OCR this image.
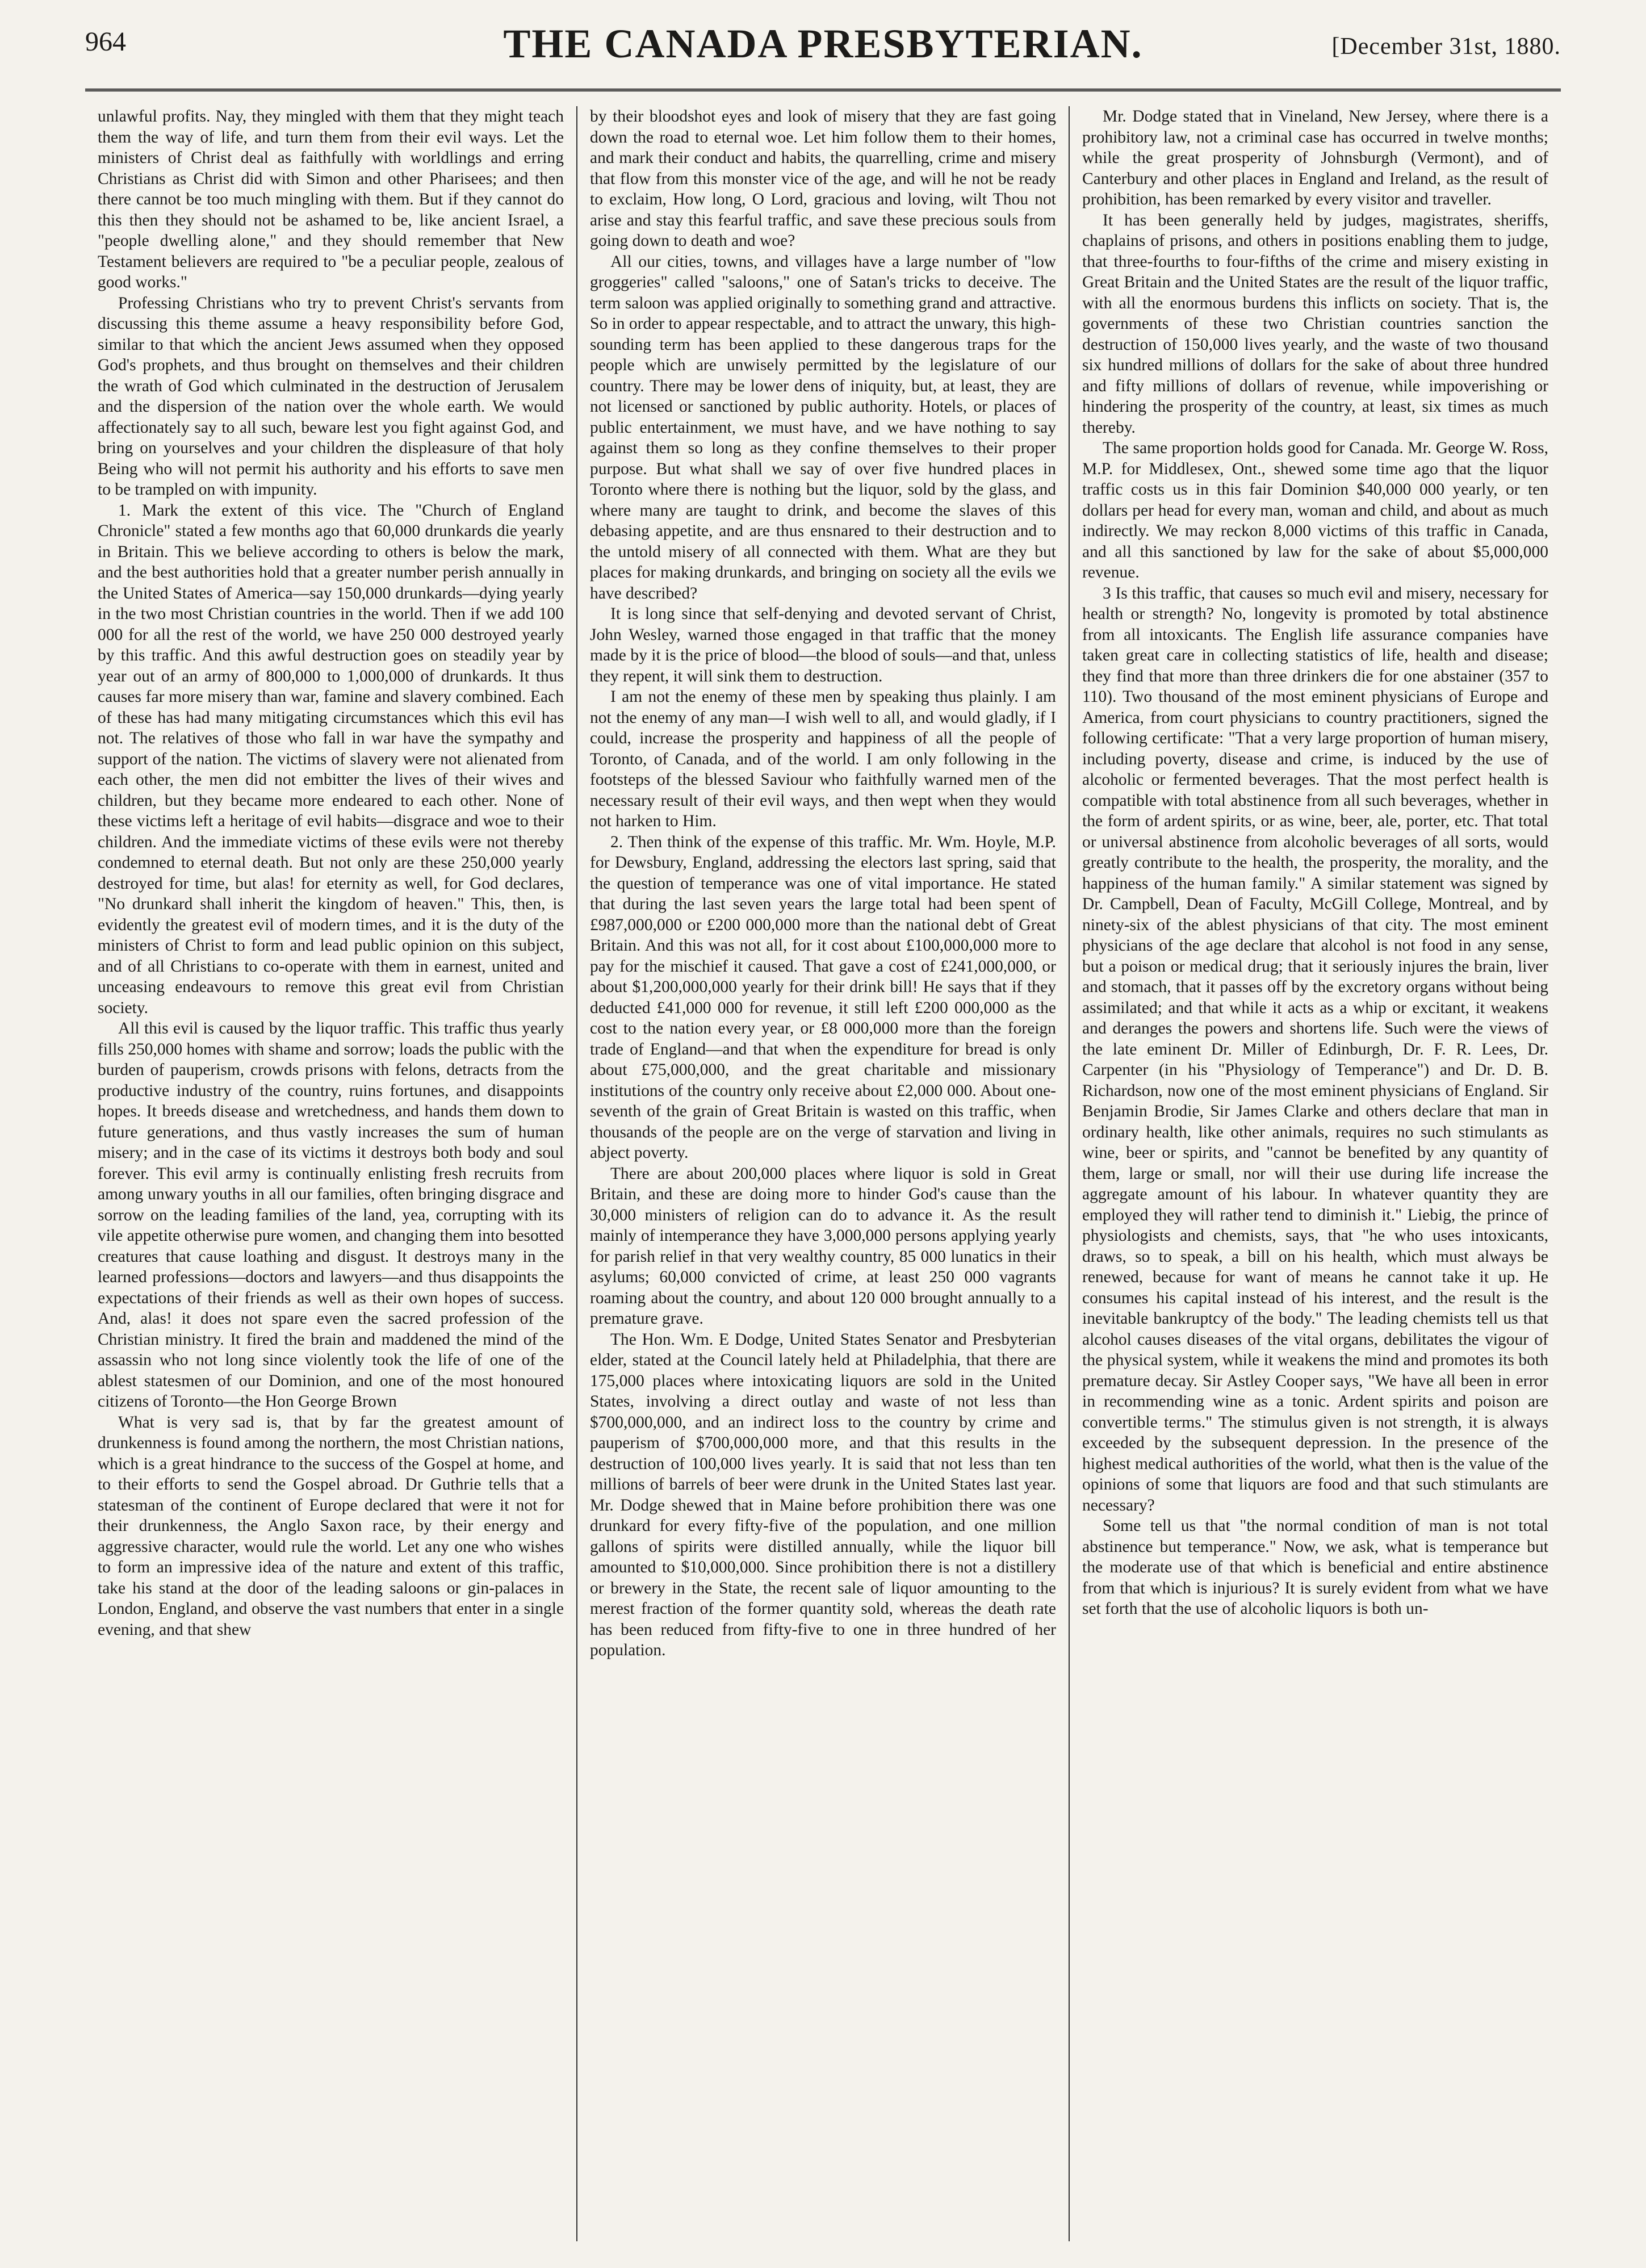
964	THE CANADA PRESBYTERIAN.	[December 31st, 1880.

unlawful profits. Nay, they mingled with them that they might teach them the way of life, and turn them from their evil ways. Let the ministers of Christ deal as faithfully with worldlings and erring Christians as Christ did with Simon and other Pharisees; and then there cannot be too much mingling with them. But if they cannot do this then they should not be ashamed to be, like ancient Israel, a "people dwelling alone," and they should remember that New Testament believers are required to "be a peculiar people, zealous of good works."

Professing Christians who try to prevent Christ's servants from discussing this theme assume a heavy responsibility before God, similar to that which the ancient Jews assumed when they opposed God's prophets, and thus brought on themselves and their children the wrath of God which culminated in the destruction of Jerusalem and the dispersion of the nation over the whole earth. We would affectionately say to all such, beware lest you fight against God, and bring on yourselves and your children the displeasure of that holy Being who will not permit his authority and his efforts to save men to be trampled on with impunity.

1. Mark the extent of this vice. The "Church of England Chronicle" stated a few months ago that 60,000 drunkards die yearly in Britain. This we believe according to others is below the mark, and the best authorities hold that a greater number perish annually in the United States of America—say 150,000 drunkards—dying yearly in the two most Christian countries in the world. Then if we add 100 000 for all the rest of the world, we have 250 000 destroyed yearly by this traffic. And this awful destruction goes on steadily year by year out of an army of 800,000 to 1,000,000 of drunkards. It thus causes far more misery than war, famine and slavery combined. Each of these has had many mitigating circumstances which this evil has not. The relatives of those who fall in war have the sympathy and support of the nation. The victims of slavery were not alienated from each other, the men did not embitter the lives of their wives and children, but they became more endeared to each other. None of these victims left a heritage of evil habits—disgrace and woe to their children. And the immediate victims of these evils were not thereby condemned to eternal death. But not only are these 250,000 yearly destroyed for time, but alas! for eternity as well, for God declares, "No drunkard shall inherit the kingdom of heaven." This, then, is evidently the greatest evil of modern times, and it is the duty of the ministers of Christ to form and lead public opinion on this subject, and of all Christians to co-operate with them in earnest, united and unceasing endeavours to remove this great evil from Christian society.

All this evil is caused by the liquor traffic. This traffic thus yearly fills 250,000 homes with shame and sorrow; loads the public with the burden of pauperism, crowds prisons with felons, detracts from the productive industry of the country, ruins fortunes, and disappoints hopes. It breeds disease and wretchedness, and hands them down to future generations, and thus vastly increases the sum of human misery; and in the case of its victims it destroys both body and soul forever. This evil army is continually enlisting fresh recruits from among unwary youths in all our families, often bringing disgrace and sorrow on the leading families of the land, yea, corrupting with its vile appetite otherwise pure women, and changing them into besotted creatures that cause loathing and disgust. It destroys many in the learned professions—doctors and lawyers—and thus disappoints the expectations of their friends as well as their own hopes of success. And, alas! it does not spare even the sacred profession of the Christian ministry. It fired the brain and maddened the mind of the assassin who not long since violently took the life of one of the ablest statesmen of our Dominion, and one of the most honoured citizens of Toronto—the Hon George Brown

What is very sad is, that by far the greatest amount of drunkenness is found among the northern, the most Christian nations, which is a great hindrance to the success of the Gospel at home, and to their efforts to send the Gospel abroad. Dr Guthrie tells that a statesman of the continent of Europe declared that were it not for their drunkenness, the Anglo Saxon race, by their energy and aggressive character, would rule the world. Let any one who wishes to form an impressive idea of the nature and extent of this traffic, take his stand at the door of the leading saloons or gin-palaces in London, England, and observe the vast numbers that enter in a single evening, and that shew

by their bloodshot eyes and look of misery that they are fast going down the road to eternal woe. Let him follow them to their homes, and mark their conduct and habits, the quarrelling, crime and misery that flow from this monster vice of the age, and will he not be ready to exclaim, How long, O Lord, gracious and loving, wilt Thou not arise and stay this fearful traffic, and save these precious souls from going down to death and woe?

All our cities, towns, and villages have a large number of "low groggeries" called "saloons," one of Satan's tricks to deceive. The term saloon was applied originally to something grand and attractive. So in order to appear respectable, and to attract the unwary, this high-sounding term has been applied to these dangerous traps for the people which are unwisely permitted by the legislature of our country. There may be lower dens of iniquity, but, at least, they are not licensed or sanctioned by public authority. Hotels, or places of public entertainment, we must have, and we have nothing to say against them so long as they confine themselves to their proper purpose. But what shall we say of over five hundred places in Toronto where there is nothing but the liquor, sold by the glass, and where many are taught to drink, and become the slaves of this debasing appetite, and are thus ensnared to their destruction and to the untold misery of all connected with them. What are they but places for making drunkards, and bringing on society all the evils we have described?

It is long since that self-denying and devoted servant of Christ, John Wesley, warned those engaged in that traffic that the money made by it is the price of blood—the blood of souls—and that, unless they repent, it will sink them to destruction.

I am not the enemy of these men by speaking thus plainly. I am not the enemy of any man—I wish well to all, and would gladly, if I could, increase the prosperity and happiness of all the people of Toronto, of Canada, and of the world. I am only following in the footsteps of the blessed Saviour who faithfully warned men of the necessary result of their evil ways, and then wept when they would not harken to Him.

2. Then think of the expense of this traffic. Mr. Wm. Hoyle, M.P. for Dewsbury, England, addressing the electors last spring, said that the question of temperance was one of vital importance. He stated that during the last seven years the large total had been spent of £987,000,000 or £200 000,000 more than the national debt of Great Britain. And this was not all, for it cost about £100,000,000 more to pay for the mischief it caused. That gave a cost of £241,000,000, or about $1,200,000,000 yearly for their drink bill! He says that if they deducted £41,000 000 for revenue, it still left £200 000,000 as the cost to the nation every year, or £8 000,000 more than the foreign trade of England—and that when the expenditure for bread is only about £75,000,000, and the great charitable and missionary institutions of the country only receive about £2,000 000. About one-seventh of the grain of Great Britain is wasted on this traffic, when thousands of the people are on the verge of starvation and living in abject poverty.

There are about 200,000 places where liquor is sold in Great Britain, and these are doing more to hinder God's cause than the 30,000 ministers of religion can do to advance it. As the result mainly of intemperance they have 3,000,000 persons applying yearly for parish relief in that very wealthy country, 85 000 lunatics in their asylums; 60,000 convicted of crime, at least 250 000 vagrants roaming about the country, and about 120 000 brought annually to a premature grave.

The Hon. Wm. E Dodge, United States Senator and Presbyterian elder, stated at the Council lately held at Philadelphia, that there are 175,000 places where intoxicating liquors are sold in the United States, involving a direct outlay and waste of not less than $700,000,000, and an indirect loss to the country by crime and pauperism of $700,000,000 more, and that this results in the destruction of 100,000 lives yearly. It is said that not less than ten millions of barrels of beer were drunk in the United States last year. Mr. Dodge shewed that in Maine before prohibition there was one drunkard for every fifty-five of the population, and one million gallons of spirits were distilled annually, while the liquor bill amounted to $10,000,000. Since prohibition there is not a distillery or brewery in the State, the recent sale of liquor amounting to the merest fraction of the former quantity sold, whereas the death rate has been reduced from fifty-five to one in three hundred of her population.

Mr. Dodge stated that in Vineland, New Jersey, where there is a prohibitory law, not a criminal case has occurred in twelve months; while the great prosperity of Johnsburgh (Vermont), and of Canterbury and other places in England and Ireland, as the result of prohibition, has been remarked by every visitor and traveller.

It has been generally held by judges, magistrates, sheriffs, chaplains of prisons, and others in positions enabling them to judge, that three-fourths to four-fifths of the crime and misery existing in Great Britain and the United States are the result of the liquor traffic, with all the enormous burdens this inflicts on society. That is, the governments of these two Christian countries sanction the destruction of 150,000 lives yearly, and the waste of two thousand six hundred millions of dollars for the sake of about three hundred and fifty millions of dollars of revenue, while impoverishing or hindering the prosperity of the country, at least, six times as much thereby.

The same proportion holds good for Canada. Mr. George W. Ross, M.P. for Middlesex, Ont., shewed some time ago that the liquor traffic costs us in this fair Dominion $40,000 000 yearly, or ten dollars per head for every man, woman and child, and about as much indirectly. We may reckon 8,000 victims of this traffic in Canada, and all this sanctioned by law for the sake of about $5,000,000 revenue.

3 Is this traffic, that causes so much evil and misery, necessary for health or strength? No, longevity is promoted by total abstinence from all intoxicants. The English life assurance companies have taken great care in collecting statistics of life, health and disease; they find that more than three drinkers die for one abstainer (357 to 110). Two thousand of the most eminent physicians of Europe and America, from court physicians to country practitioners, signed the following certificate: "That a very large proportion of human misery, including poverty, disease and crime, is induced by the use of alcoholic or fermented beverages. That the most perfect health is compatible with total abstinence from all such beverages, whether in the form of ardent spirits, or as wine, beer, ale, porter, etc. That total or universal abstinence from alcoholic beverages of all sorts, would greatly contribute to the health, the prosperity, the morality, and the happiness of the human family." A similar statement was signed by Dr. Campbell, Dean of Faculty, McGill College, Montreal, and by ninety-six of the ablest physicians of that city. The most eminent physicians of the age declare that alcohol is not food in any sense, but a poison or medical drug; that it seriously injures the brain, liver and stomach, that it passes off by the excretory organs without being assimilated; and that while it acts as a whip or excitant, it weakens and deranges the powers and shortens life. Such were the views of the late eminent Dr. Miller of Edinburgh, Dr. F. R. Lees, Dr. Carpenter (in his "Physiology of Temperance") and Dr. D. B. Richardson, now one of the most eminent physicians of England. Sir Benjamin Brodie, Sir James Clarke and others declare that man in ordinary health, like other animals, requires no such stimulants as wine, beer or spirits, and "cannot be benefited by any quantity of them, large or small, nor will their use during life increase the aggregate amount of his labour. In whatever quantity they are employed they will rather tend to diminish it." Liebig, the prince of physiologists and chemists, says, that "he who uses intoxicants, draws, so to speak, a bill on his health, which must always be renewed, because for want of means he cannot take it up. He consumes his capital instead of his interest, and the result is the inevitable bankruptcy of the body." The leading chemists tell us that alcohol causes diseases of the vital organs, debilitates the vigour of the physical system, while it weakens the mind and promotes its both premature decay. Sir Astley Cooper says, "We have all been in error in recommending wine as a tonic. Ardent spirits and poison are convertible terms." The stimulus given is not strength, it is always exceeded by the subsequent depression. In the presence of the highest medical authorities of the world, what then is the value of the opinions of some that liquors are food and that such stimulants are necessary?

Some tell us that "the normal condition of man is not total abstinence but temperance." Now, we ask, what is temperance but the moderate use of that which is beneficial and entire abstinence from that which is injurious? It is surely evident from what we have set forth that the use of alcoholic liquors is both un-
